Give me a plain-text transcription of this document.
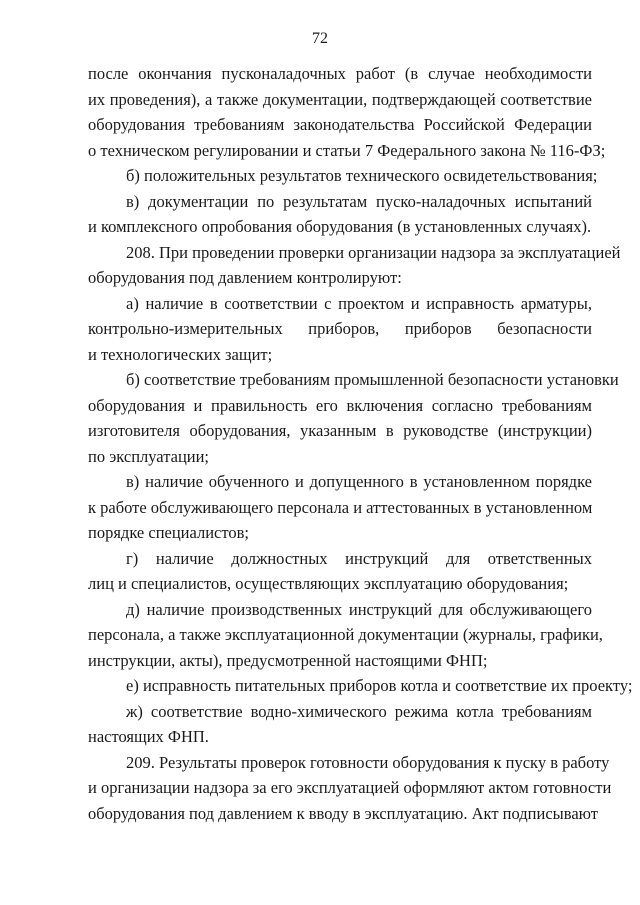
72
после окончания пусконаладочных работ (в случае необходимости
их проведения), а также документации, подтверждающей соответствие
оборудования требованиям законодательства Российской Федерации
о техническом регулировании и статьи 7 Федерального закона № 116-ФЗ;
б) положительных результатов технического освидетельствования;
в) документации по результатам пуско-наладочных испытаний
и комплексного опробования оборудования (в установленных случаях).
208. При проведении проверки организации надзора за эксплуатацией
оборудования под давлением контролируют:
а) наличие в соответствии с проектом и исправность арматуры,
контрольно-измерительных приборов, приборов безопасности
и технологических защит;
б) соответствие требованиям промышленной безопасности установки
оборудования и правильность его включения согласно требованиям
изготовителя оборудования, указанным в руководстве (инструкции)
по эксплуатации;
в) наличие обученного и допущенного в установленном порядке
к работе обслуживающего персонала и аттестованных в установленном
порядке специалистов;
г) наличие должностных инструкций для ответственных
лиц и специалистов, осуществляющих эксплуатацию оборудования;
д) наличие производственных инструкций для обслуживающего
персонала, а также эксплуатационной документации (журналы, графики,
инструкции, акты), предусмотренной настоящими ФНП;
е) исправность питательных приборов котла и соответствие их проекту;
ж) соответствие водно-химического режима котла требованиям
настоящих ФНП.
209. Результаты проверок готовности оборудования к пуску в работу
и организации надзора за его эксплуатацией оформляют актом готовности
оборудования под давлением к вводу в эксплуатацию. Акт подписывают
